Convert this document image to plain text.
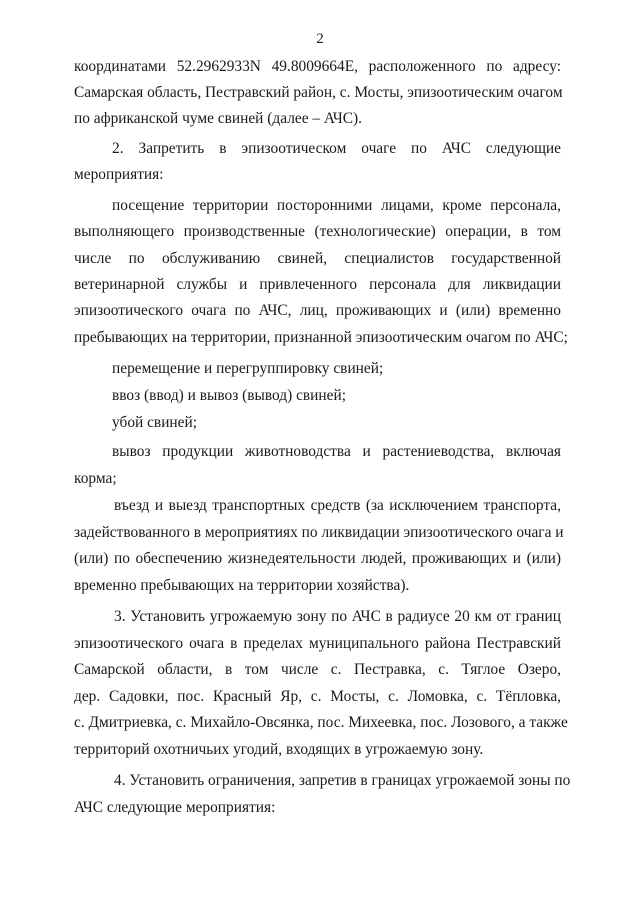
2
координатами 52.2962933N 49.8009664E, расположенного по адресу:
Самарская область, Пестравский район, с. Мосты, эпизоотическим очагом
по африканской чуме свиней (далее – АЧС).
2. Запретить в эпизоотическом очаге по АЧС следующие
мероприятия:
посещение территории посторонними лицами, кроме персонала,
выполняющего производственные (технологические) операции, в том
числе по обслуживанию свиней, специалистов государственной
ветеринарной службы и привлеченного персонала для ликвидации
эпизоотического очага по АЧС, лиц, проживающих и (или) временно
пребывающих на территории, признанной эпизоотическим очагом по АЧС;
перемещение и перегруппировку свиней;
ввоз (ввод) и вывоз (вывод) свиней;
убой свиней;
вывоз продукции животноводства и растениеводства, включая
корма;
въезд и выезд транспортных средств (за исключением транспорта,
задействованного в мероприятиях по ликвидации эпизоотического очага и
(или) по обеспечению жизнедеятельности людей, проживающих и (или)
временно пребывающих на территории хозяйства).
3. Установить угрожаемую зону по АЧС в радиусе 20 км от границ
эпизоотического очага в пределах муниципального района Пестравский
Самарской области, в том числе с. Пестравка, с. Тяглое Озеро,
дер. Садовки, пос. Красный Яр, с. Мосты, с. Ломовка, с. Тёпловка,
с. Дмитриевка, с. Михайло-Овсянка, пос. Михеевка, пос. Лозового, а также
территорий охотничьих угодий, входящих в угрожаемую зону.
4. Установить ограничения, запретив в границах угрожаемой зоны по
АЧС следующие мероприятия:
